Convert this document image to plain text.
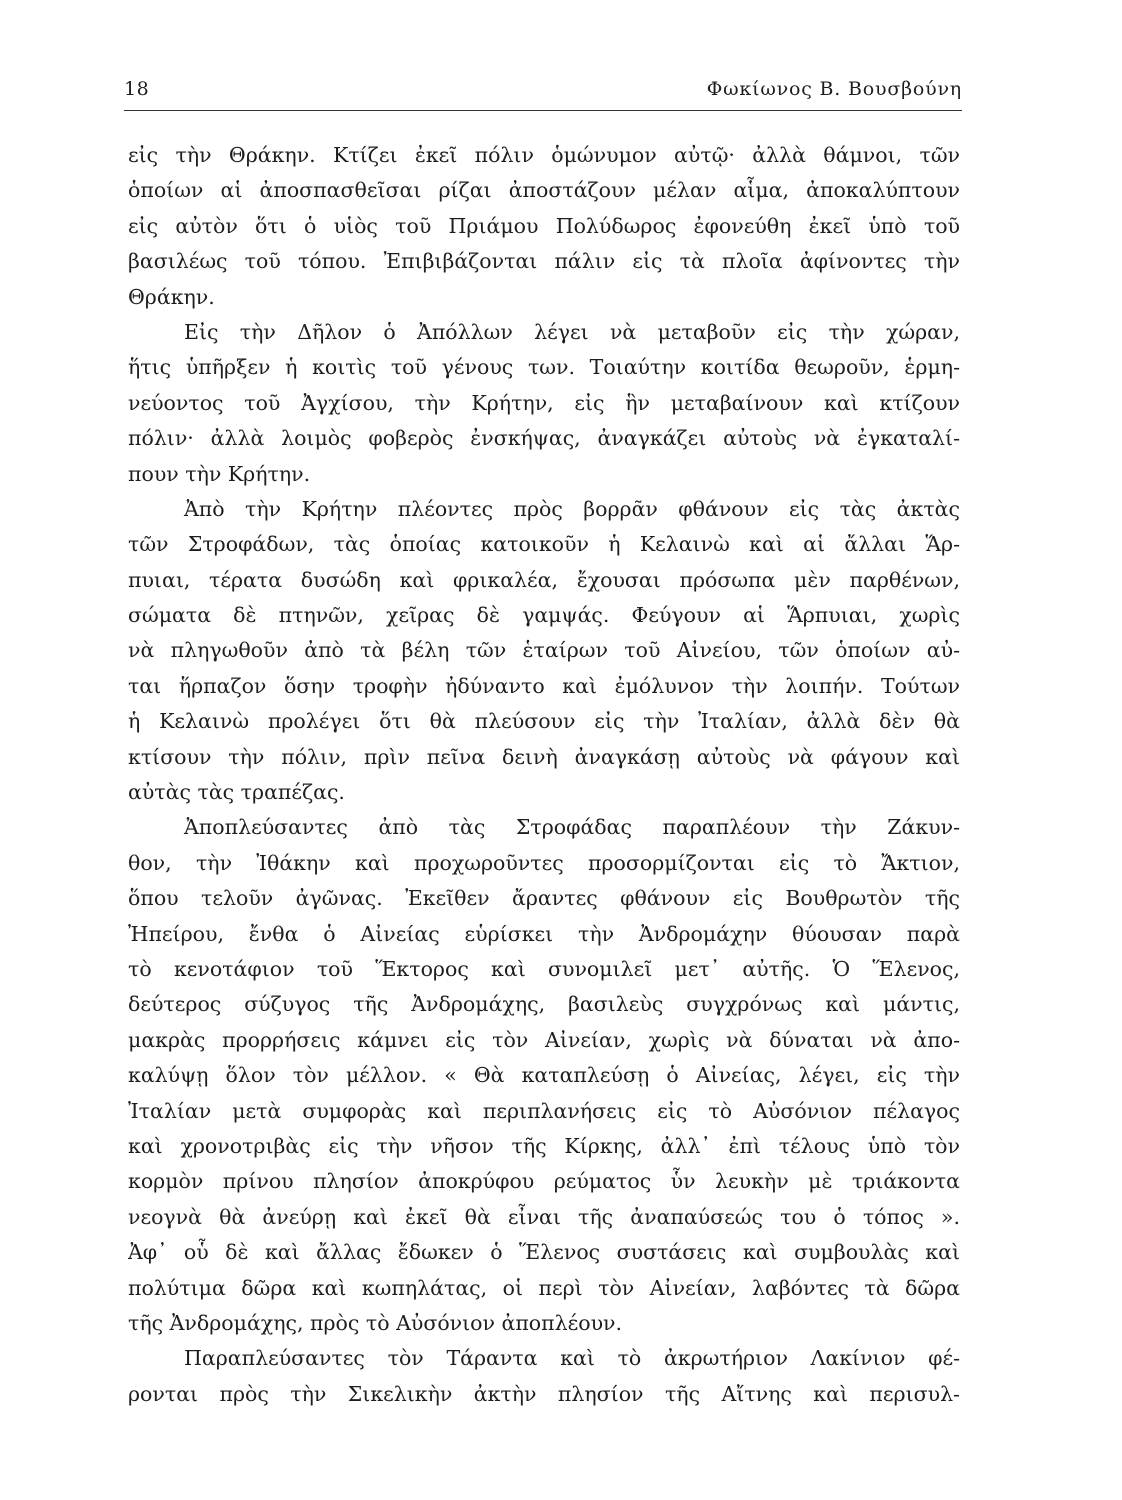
18	Φωκίωνος Β. Βουσβούνη
εἰς τὴν Θράκην. Κτίζει ἐκεῖ πόλιν ὁμώνυμον αὐτῷ· ἀλλὰ θάμνοι, τῶν
ὁποίων αἱ ἀποσπασθεῖσαι ρίζαι ἀποστάζουν μέλαν αἷμα, ἀποκαλύπτουν
εἰς αὐτὸν ὅτι ὁ υἱὸς τοῦ Πριάμου Πολύδωρος ἐφονεύθη ἐκεῖ ὑπὸ τοῦ
βασιλέως τοῦ τόπου. Ἐπιβιβάζονται πάλιν εἰς τὰ πλοῖα ἀφίνοντες τὴν
Θράκην.
Εἰς τὴν Δῆλον ὁ Ἀπόλλων λέγει νὰ μεταβοῦν εἰς τὴν χώραν,
ἥτις ὑπῆρξεν ἡ κοιτὶς τοῦ γένους των. Τοιαύτην κοιτίδα θεωροῦν, ἑρμη-
νεύοντος τοῦ Ἀγχίσου, τὴν Κρήτην, εἰς ἣν μεταβαίνουν καὶ κτίζουν
πόλιν· ἀλλὰ λοιμὸς φοβερὸς ἐνσκήψας, ἀναγκάζει αὐτοὺς νὰ ἐγκαταλί-
πουν τὴν Κρήτην.
Ἀπὸ τὴν Κρήτην πλέοντες πρὸς βορρᾶν φθάνουν εἰς τὰς ἀκτὰς
τῶν Στροφάδων, τὰς ὁποίας κατοικοῦν ἡ Κελαινὼ καὶ αἱ ἄλλαι Ἅρ-
πυιαι, τέρατα δυσώδη καὶ φρικαλέα, ἔχουσαι πρόσωπα μὲν παρθένων,
σώματα δὲ πτηνῶν, χεῖρας δὲ γαμψάς. Φεύγουν αἱ Ἅρπυιαι, χωρὶς
νὰ πληγωθοῦν ἀπὸ τὰ βέλη τῶν ἑταίρων τοῦ Αἰνείου, τῶν ὁποίων αὐ-
ται ἥρπαζον ὅσην τροφὴν ἠδύναντο καὶ ἐμόλυνον τὴν λοιπήν. Τούτων
ἡ Κελαινὼ προλέγει ὅτι θὰ πλεύσουν εἰς τὴν Ἰταλίαν, ἀλλὰ δὲν θὰ
κτίσουν τὴν πόλιν, πρὶν πεῖνα δεινὴ ἀναγκάσῃ αὐτοὺς νὰ φάγουν καὶ
αὐτὰς τὰς τραπέζας.
Ἀποπλεύσαντες ἀπὸ τὰς Στροφάδας παραπλέουν τὴν Ζάκυν-
θον, τὴν Ἰθάκην καὶ προχωροῦντες προσορμίζονται εἰς τὸ Ἄκτιον,
ὅπου τελοῦν ἀγῶνας. Ἐκεῖθεν ἄραντες φθάνουν εἰς Βουθρωτὸν τῆς
Ἠπείρου, ἔνθα ὁ Αἰνείας εὑρίσκει τὴν Ἀνδρομάχην θύουσαν παρὰ
τὸ κενοτάφιον τοῦ Ἕκτορος καὶ συνομιλεῖ μετ᾽ αὐτῆς. Ὁ Ἕλενος,
δεύτερος σύζυγος τῆς Ἀνδρομάχης, βασιλεὺς συγχρόνως καὶ μάντις,
μακρὰς προρρήσεις κάμνει εἰς τὸν Αἰνείαν, χωρὶς νὰ δύναται νὰ ἀπο-
καλύψῃ ὅλον τὸν μέλλον. « Θὰ καταπλεύσῃ ὁ Αἰνείας, λέγει, εἰς τὴν
Ἰταλίαν μετὰ συμφορὰς καὶ περιπλανήσεις εἰς τὸ Αὐσόνιον πέλαγος
καὶ χρονοτριβὰς εἰς τὴν νῆσον τῆς Κίρκης, ἀλλ᾽ ἐπὶ τέλους ὑπὸ τὸν
κορμὸν πρίνου πλησίον ἀποκρύφου ρεύματος ὗν λευκὴν μὲ τριάκοντα
νεογνὰ θὰ ἀνεύρῃ καὶ ἐκεῖ θὰ εἶναι τῆς ἀναπαύσεώς του ὁ τόπος ».
Ἀφ᾽ οὗ δὲ καὶ ἄλλας ἔδωκεν ὁ Ἕλενος συστάσεις καὶ συμβουλὰς καὶ
πολύτιμα δῶρα καὶ κωπηλάτας, οἱ περὶ τὸν Αἰνείαν, λαβόντες τὰ δῶρα
τῆς Ἀνδρομάχης, πρὸς τὸ Αὐσόνιον ἀποπλέουν.
Παραπλεύσαντες τὸν Τάραντα καὶ τὸ ἀκρωτήριον Λακίνιον φέ-
ρονται πρὸς τὴν Σικελικὴν ἀκτὴν πλησίον τῆς Αἴτνης καὶ περισυλ-
